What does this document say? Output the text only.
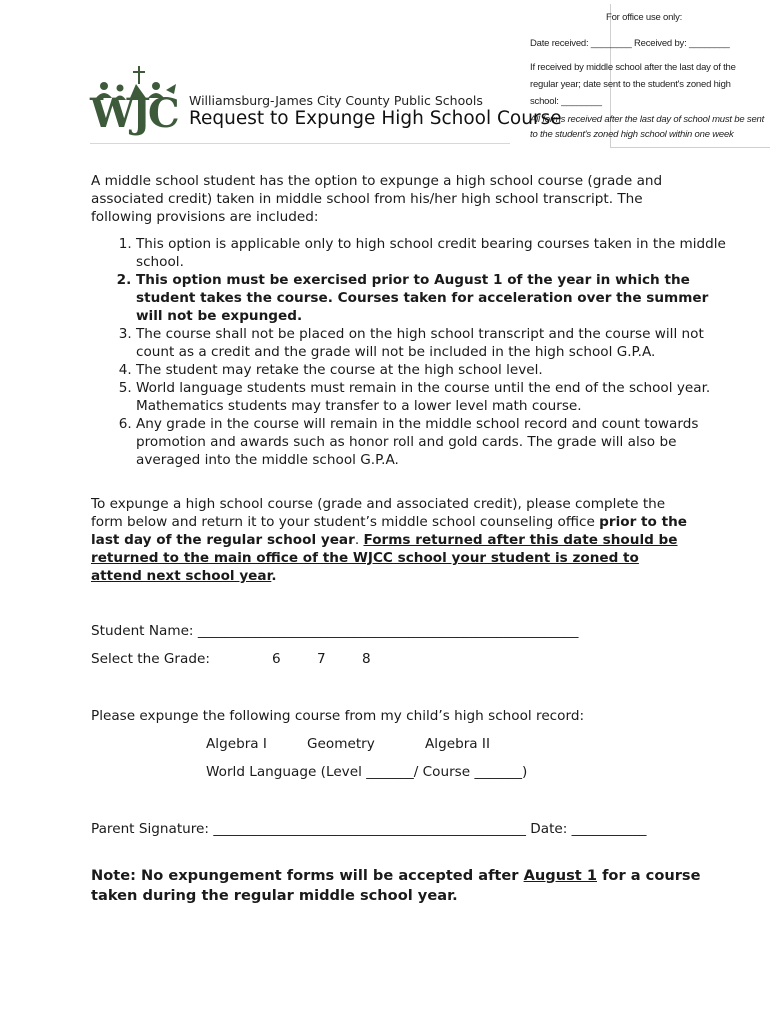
For office use only:
Date received: ________ Received by: ________
If received by middle school after the last day of the regular year; date sent to the student's zoned high school: ________
All forms received after the last day of school must be sent to the student's zoned high school within one week
WJC Williamsburg-James City County Public Schools
Request to Expunge High School Course

A middle school student has the option to expunge a high school course (grade and associated credit) taken in middle school from his/her high school transcript. The following provisions are included:

1. This option is applicable only to high school credit bearing courses taken in the middle school.
2. This option must be exercised prior to August 1 of the year in which the student takes the course. Courses taken for acceleration over the summer will not be expunged.
3. The course shall not be placed on the high school transcript and the course will not count as a credit and the grade will not be included in the high school G.P.A.
4. The student may retake the course at the high school level.
5. World language students must remain in the course until the end of the school year. Mathematics students may transfer to a lower level math course.
6. Any grade in the course will remain in the middle school record and count towards promotion and awards such as honor roll and gold cards. The grade will also be averaged into the middle school G.P.A.

To expunge a high school course (grade and associated credit), please complete the form below and return it to your student’s middle school counseling office prior to the last day of the regular school year. Forms returned after this date should be returned to the main office of the WJCC school your student is zoned to attend next school year.

Student Name: ________________________________________________________
Select the Grade:	6	7	8
Please expunge the following course from my child’s high school record:
Algebra I	Geometry	Algebra II
World Language (Level _______/ Course _______)
Parent Signature: ______________________________________________ Date: ___________

Note: No expungement forms will be accepted after August 1 for a course taken during the regular middle school year.
